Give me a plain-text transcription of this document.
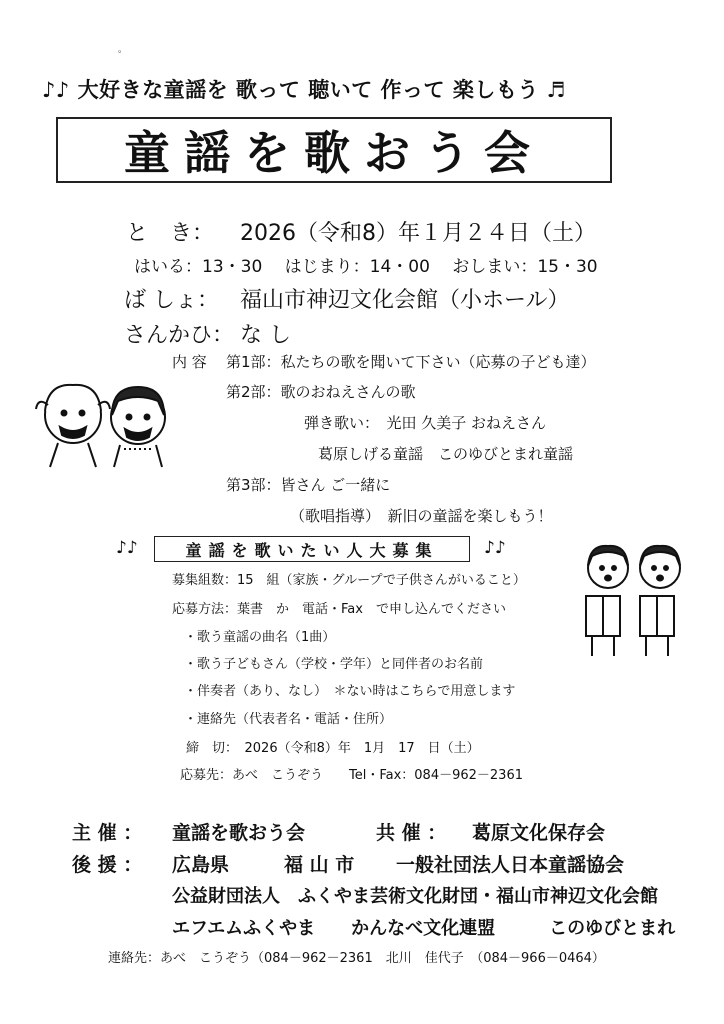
。
♪♪ 大好きな童謡を 歌って 聴いて 作って 楽しもう ♬
童謡を歌おう会
と　き： 2026（令和8）年１月２４日（土）
はいる：13・30　 はじまり：14・00　 おしまい：15・30
ば しょ： 福山市神辺文化会館（小ホール）
さんかひ： な し
内 容 第1部：私たちの歌を聞いて下さい（応募の子ども達）
第2部：歌のおねえさんの歌
弾き歌い：　光田 久美子 おねえさん
葛原しげる童謡　このゆびとまれ童謡
第3部：皆さん ご一緒に
（歌唱指導）　新旧の童謡を楽しもう！
♪♪	童謡を歌いたい人大募集	♪♪
募集組数：15　組（家族・グループで子供さんがいること）
応募方法：葉書　か　電話・Fax　で申し込んでください
・歌う童謡の曲名（1曲）
・歌う子どもさん（学校・学年）と同伴者のお名前
・伴奏者（あり、なし）　＊ない時はこちらで用意します
・連絡先（代表者名・電話・住所）
締　切：　2026（令和8）年　1月　17　日（土）
応募先：あべ　こうぞう　　Tel・Fax：084－962－2361
主 催 ： 童謡を歌おう会	共 催 ： 葛原文化保存会
後 援 ： 広島県	福 山 市 一般社団法人日本童謡協会
公益財団法人　ふくやま芸術文化財団・福山市神辺文化会館
エフエムふくやま　　かんなべ文化連盟　　　このゆびとまれ
連絡先：あべ　こうぞう（084－962－2361　北川　佳代子　（084－966－0464）
